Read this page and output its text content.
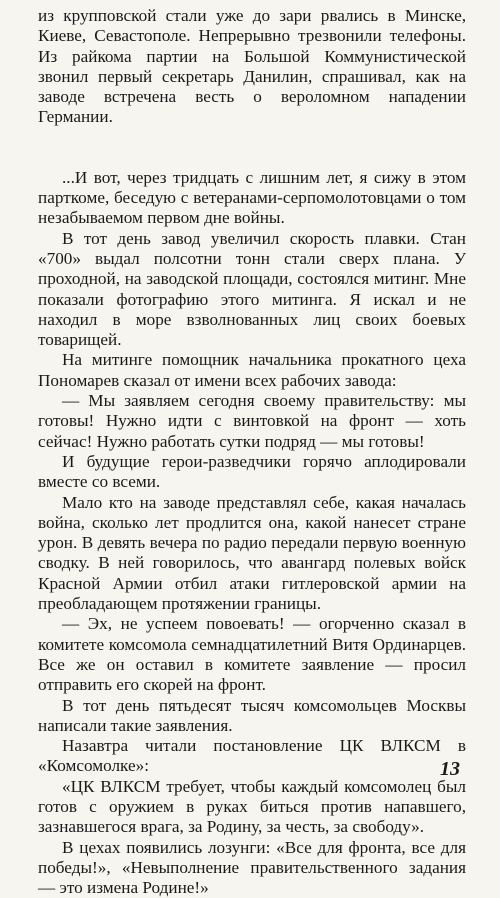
из крупповской стали уже до зари рвались в Минске, Киеве, Севастополе. Непрерывно трезвонили телефоны. Из райкома партии на Большой Коммунистической звонил первый секретарь Данилин, спрашивал, как на заводе встречена весть о вероломном нападении Германии.

...И вот, через тридцать с лишним лет, я сижу в этом парткоме, беседую с ветеранами-серпомолотовцами о том незабываемом первом дне войны.

В тот день завод увеличил скорость плавки. Стан «700» выдал полсотни тонн стали сверх плана. У проходной, на заводской площади, состоялся митинг. Мне показали фотографию этого митинга. Я искал и не находил в море взволнованных лиц своих боевых товарищей.

На митинге помощник начальника прокатного цеха Пономарев сказал от имени всех рабочих завода:

— Мы заявляем сегодня своему правительству: мы готовы! Нужно идти с винтовкой на фронт — хоть сейчас! Нужно работать сутки подряд — мы готовы!

И будущие герои-разведчики горячо аплодировали вместе со всеми.

Мало кто на заводе представлял себе, какая началась война, сколько лет продлится она, какой нанесет стране урон. В девять вечера по радио передали первую военную сводку. В ней говорилось, что авангард полевых войск Красной Армии отбил атаки гитлеровской армии на преобладающем протяжении границы.

— Эх, не успеем повоевать! — огорченно сказал в комитете комсомола семнадцатилетний Витя Ординарцев. Все же он оставил в комитете заявление — просил отправить его скорей на фронт.

В тот день пятьдесят тысяч комсомольцев Москвы написали такие заявления.

Назавтра читали постановление ЦК ВЛКСМ в «Комсомолке»:

«ЦК ВЛКСМ требует, чтобы каждый комсомолец был готов с оружием в руках биться против напавшего, зазнавшегося врага, за Родину, за честь, за свободу».

В цехах появились лозунги: «Все для фронта, все для победы!», «Невыполнение правительственного задания — это измена Родине!»

13
